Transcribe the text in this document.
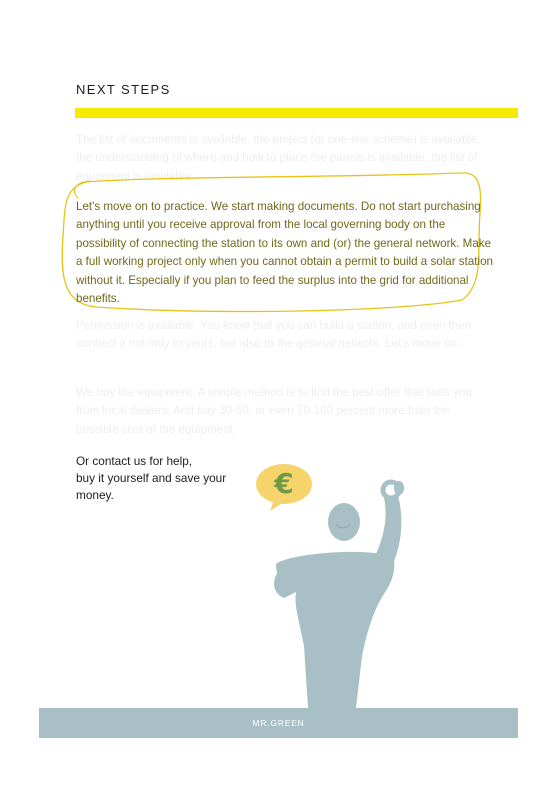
NEXT STEPS

The list of documents is available, the project (or one-line scheme) is available, the understanding of where and how to place the panels is available, the list of equipment is available.

Let's move on to practice. We start making documents. Do not start purchasing anything until you receive approval from the local governing body on the possibility of connecting the station to its own and (or) the general network. Make a full working project only when you cannot obtain a permit to build a solar station without it. Especially if you plan to feed the surplus into the grid for additional benefits.

Permission is available. You know that you can build a station, and even then connect it not only to yours, but also to the general network. Let's move on.

We buy the equipment. A simple method is to find the best offer that suits you from local dealers. And pay 30-50, or even 70-100 percent more than the possible cost of the equipment.

Or contact us for help,
buy it yourself and save your
money.	€
MR.GREEN
